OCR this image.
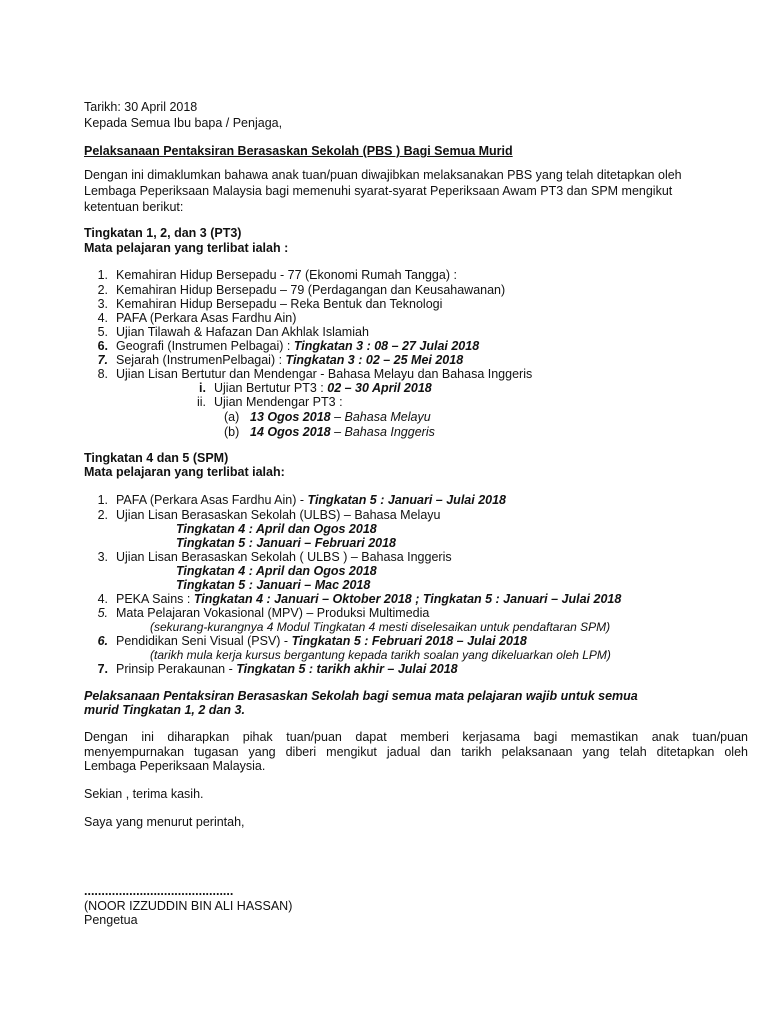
Tarikh: 30 April 2018
Kepada Semua Ibu bapa / Penjaga,
Pelaksanaan Pentaksiran Berasaskan Sekolah (PBS ) Bagi Semua Murid
Dengan ini dimaklumkan bahawa anak tuan/puan diwajibkan melaksanakan PBS yang telah ditetapkan oleh
Lembaga Peperiksaan Malaysia bagi memenuhi syarat-syarat Peperiksaan Awam PT3 dan SPM mengikut
ketentuan berikut:
Tingkatan 1, 2, dan 3 (PT3)
Mata pelajaran yang terlibat ialah :
1. Kemahiran Hidup Bersepadu - 77 (Ekonomi Rumah Tangga) :
2. Kemahiran Hidup Bersepadu – 79 (Perdagangan dan Keusahawanan)
3. Kemahiran Hidup Bersepadu – Reka Bentuk dan Teknologi
4. PAFA (Perkara Asas Fardhu Ain)
5. Ujian Tilawah & Hafazan Dan Akhlak Islamiah
6. Geografi (Instrumen Pelbagai) : Tingkatan 3 : 08 – 27 Julai 2018
7. Sejarah (InstrumenPelbagai) : Tingkatan 3 : 02 – 25 Mei 2018
8. Ujian Lisan Bertutur dan Mendengar - Bahasa Melayu dan Bahasa Inggeris
i. Ujian Bertutur PT3 : 02 – 30 April 2018
ii. Ujian Mendengar PT3 :
(a) 13 Ogos 2018 – Bahasa Melayu
(b) 14 Ogos 2018 – Bahasa Inggeris
Tingkatan 4 dan 5 (SPM)
Mata pelajaran yang terlibat ialah:
1. PAFA (Perkara Asas Fardhu Ain) - Tingkatan 5 : Januari – Julai 2018
2. Ujian Lisan Berasaskan Sekolah (ULBS) – Bahasa Melayu
Tingkatan 4 : April dan Ogos 2018
Tingkatan 5 : Januari – Februari 2018
3. Ujian Lisan Berasaskan Sekolah ( ULBS ) – Bahasa Inggeris
Tingkatan 4 : April dan Ogos 2018
Tingkatan 5 : Januari – Mac 2018
4. PEKA Sains : Tingkatan 4 : Januari – Oktober 2018 ; Tingkatan 5 : Januari – Julai 2018
5. Mata Pelajaran Vokasional (MPV) – Produksi Multimedia
(sekurang-kurangnya 4 Modul Tingkatan 4 mesti diselesaikan untuk pendaftaran SPM)
6. Pendidikan Seni Visual (PSV) - Tingkatan 5 : Februari 2018 – Julai 2018
(tarikh mula kerja kursus bergantung kepada tarikh soalan yang dikeluarkan oleh LPM)
7. Prinsip Perakaunan - Tingkatan 5 : tarikh akhir – Julai 2018
Pelaksanaan Pentaksiran Berasaskan Sekolah bagi semua mata pelajaran wajib untuk semua
murid Tingkatan 1, 2 dan 3.
Dengan ini diharapkan pihak tuan/puan dapat memberi kerjasama bagi memastikan anak tuan/puan
menyempurnakan tugasan yang diberi mengikut jadual dan tarikh pelaksanaan yang telah ditetapkan oleh
Lembaga Peperiksaan Malaysia.
Sekian , terima kasih.
Saya yang menurut perintah,
...........................................
(NOOR IZZUDDIN BIN ALI HASSAN)
Pengetua
